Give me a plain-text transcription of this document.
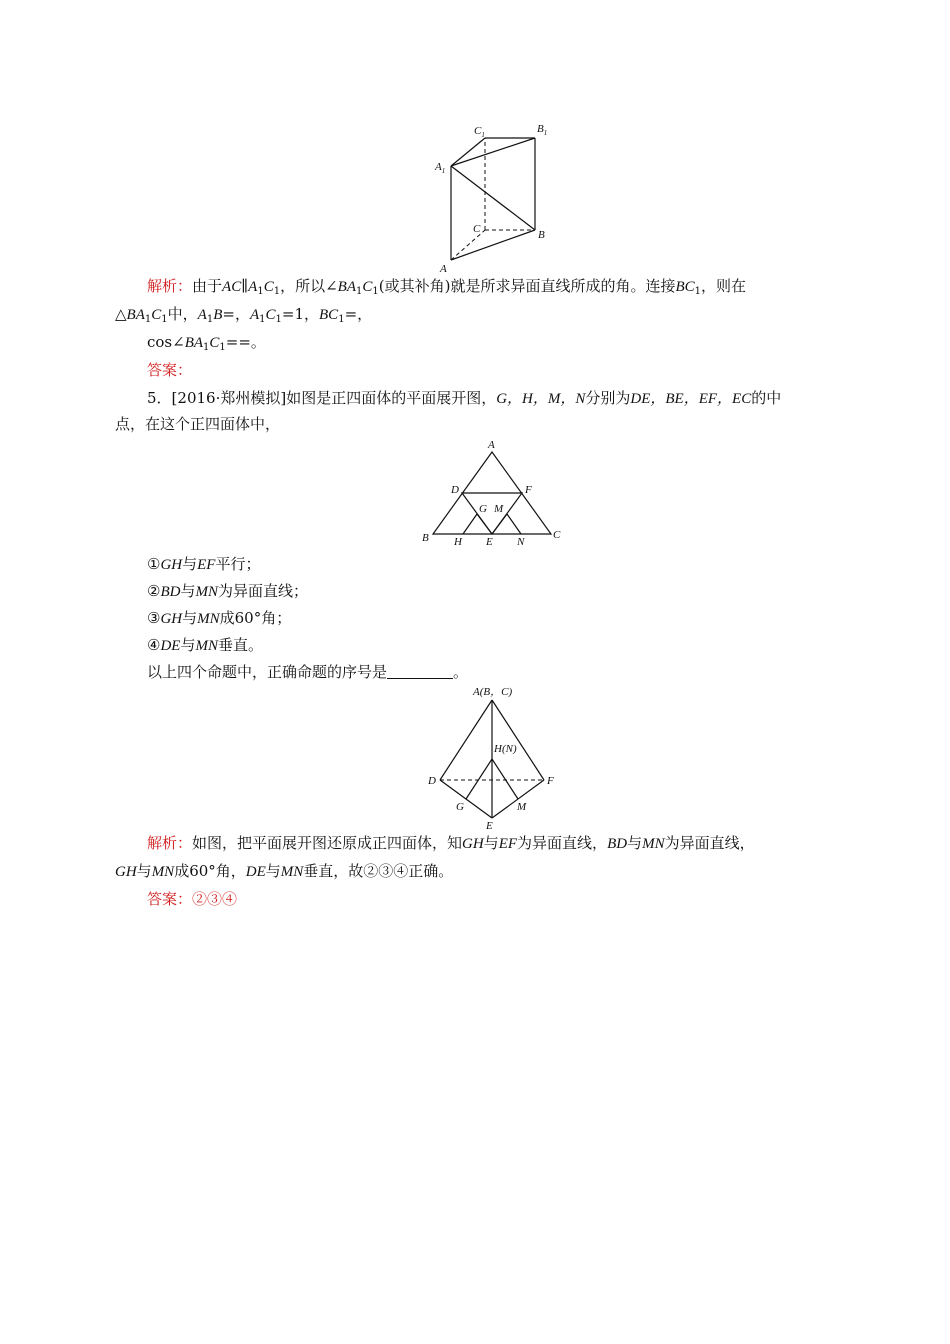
$C_1$	$B_1$
$A_1$
C	B
A
解析：由于$AC\parallel A_1C_1$，所以$\angle BA_1C_1$(或其补角)就是所求异面直线所成的角。连接$BC_1$，则在
$\triangle BA_1C_1$中，$A_1B=$，$A_1C_1=1$，$BC_1=$，
$\cos\angle BA_1C_1==$。
答案：
5．[2016·郑州模拟]如图是正四面体的平面展开图，G，H，M，N分别为DE，BE，EF，EC的中
点，在这个正四面体中，
A
D	F
G M
B H E N
C
①GH与EF平行；
②BD与MN为异面直线；
③GH与MN成60°角；
④DE与MN垂直。
以上四个命题中，正确命题的序号是	。
A(B，C)
H(N)
D	F
G	M
E
解析：如图，把平面展开图还原成正四面体，知GH与EF为异面直线，BD与MN为异面直线，
GH与MN成60°角，DE与MN垂直，故②③④正确。
答案：②③④
